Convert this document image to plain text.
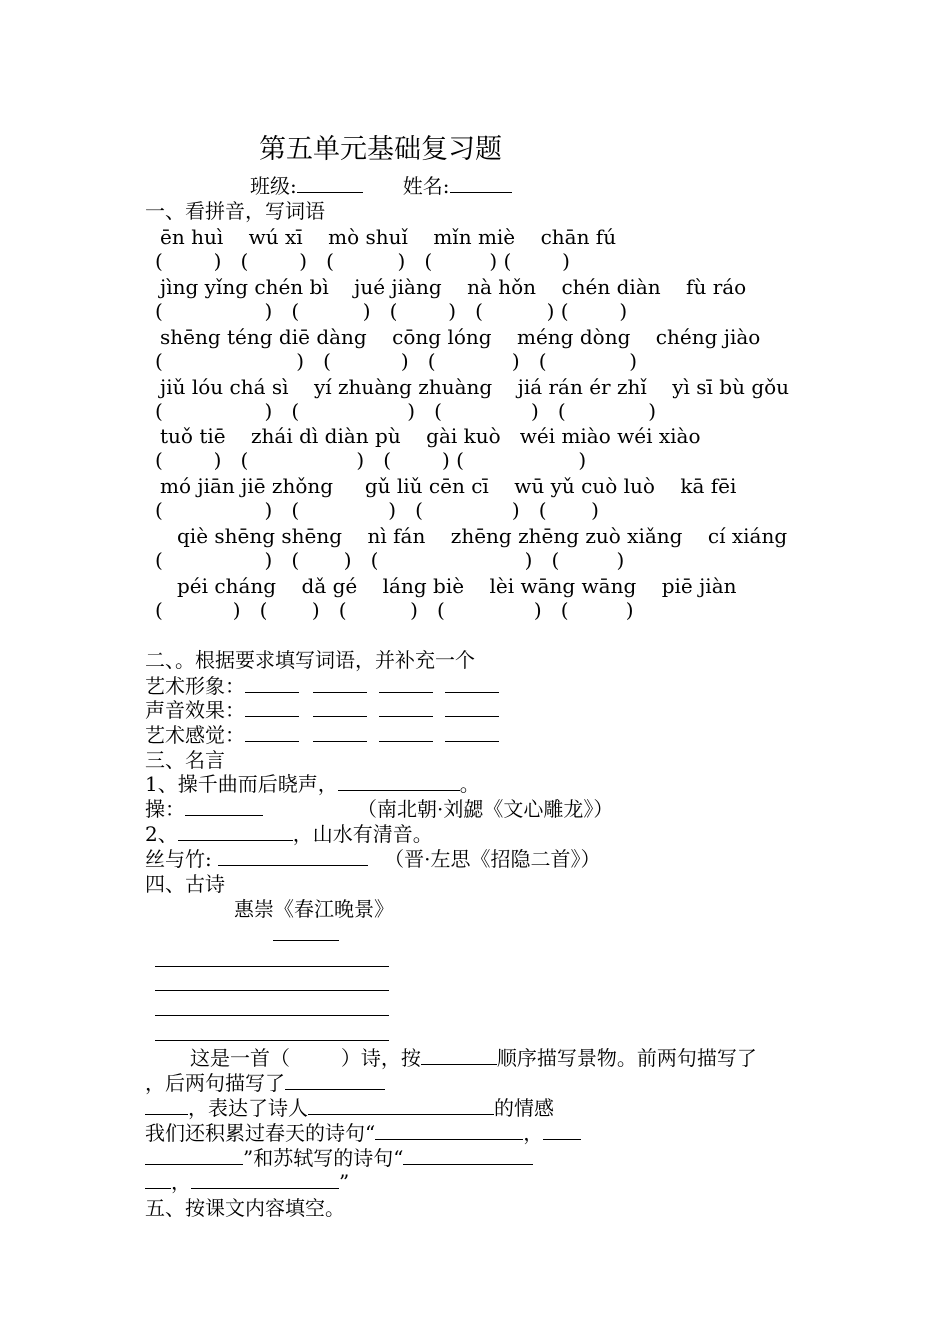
第五单元基础复习题
班级:	姓名:
一、看拼音，写词语
ēn huì    wú xī    mò shuǐ    mǐn miè    chān fú
(        )   (        )   (          )   (         ) (        )
jìng yǐng chén bì    jué jiàng    nà hǒn    chén diàn    fù ráo
(                )   (          )   (        )   (          ) (        )
shēng téng diē dàng    cōng lóng    méng dòng    chéng jiào
(                     )   (           )   (            )   (             )
jiǔ lóu chá sì    yí zhuàng zhuàng    jiá rán ér zhǐ    yì sī bù gǒu
(                )   (                 )   (              )   (             )
tuǒ tiē    zhái dì diàn pù    gài kuò   wéi miào wéi xiào
(        )   (                 )   (        ) (                  )
mó jiān jiē zhǒng     gǔ liǔ cēn cī    wū yǔ cuò luò    kā fēi
(                )   (              )   (              )   (       )
qiè shēng shēng    nì fán    zhēng zhēng zuò xiǎng    cí xiáng
(                )   (       )   (                       )   (         )
péi cháng    dǎ gé    láng biè    lèi wāng wāng    piē jiàn
(           )   (       )   (          )   (              )   (         )
二、。根据要求填写词语，并补充一个
艺术形象：
声音效果：
艺术感觉：
三、名言
1、操千曲而后晓声，	。
操：	（南北朝·刘勰《文心雕龙》）
2、	，山水有清音。
丝与竹:	（晋·左思《招隐二首》）
四、古诗
惠崇《春江晚景》
这是一首（        ）诗，按	顺序描写景物。前两句描写了
，后两句描写了
，表达了诗人	的情感
我们还积累过春天的诗句“	，
”和苏轼写的诗句“
，	”
五、按课文内容填空。
